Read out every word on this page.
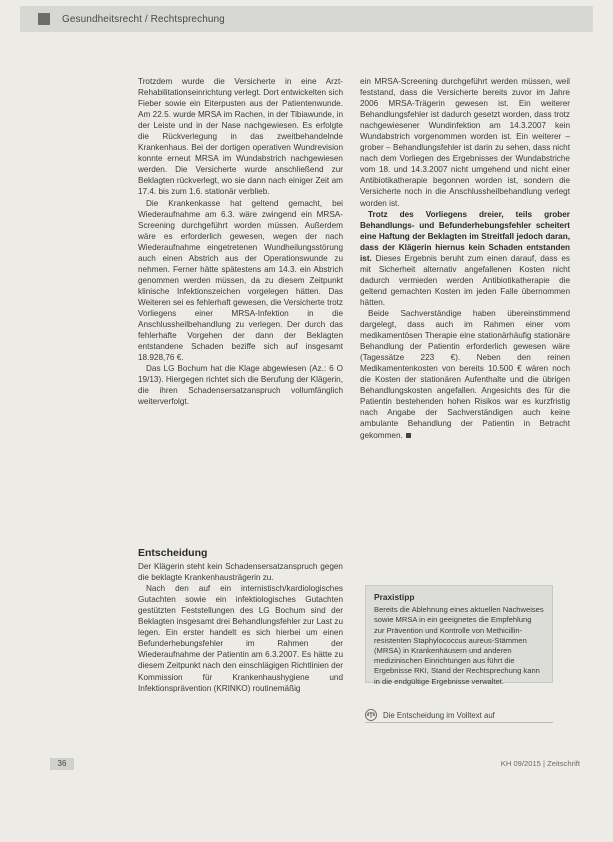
Gesundheitsrecht / Rechtsprechung

Trotzdem wurde die Versicherte in eine Arzt-Rehabilitationseinrichtung verlegt. Dort entwickelten sich Fieber sowie ein Eiterpusten aus der Patientenwunde. Am 22.5. wurde MRSA im Rachen, in der Tibiawunde, in der Leiste und in der Nase nachgewiesen. Es erfolgte die Rückverlegung in das zweitbehandelnde Krankenhaus. Bei der dortigen operativen Wundrevision konnte erneut MRSA im Wundabstrich nachgewiesen werden. Die Versicherte wurde anschließend zur Beklagten rückverlegt, wo sie dann nach einiger Zeit am 17.4. bis zum 1.6. stationär verblieb.

Die Krankenkasse hat geltend gemacht, bei Wiederaufnahme am 6.3. wäre zwingend ein MRSA-Screening durchgeführt worden müssen. Außerdem wäre es erforderlich gewesen, wegen der nach Wiederaufnahme eingetretenen Wundheilungsstörung auch einen Abstrich aus der Operationswunde zu nehmen. Ferner hätte spätestens am 14.3. ein Abstrich genommen werden müssen, da zu diesem Zeitpunkt klinische Infektionszeichen vorgelegen hätten. Das Weiteren sei es fehlerhaft gewesen, die Versicherte trotz Vorliegens einer MRSA-Infektion in die Anschlussheilbehandlung zu verlegen. Der durch das fehlerhafte Vorgehen der dann der Beklagten entstandene Schaden beziffe sich auf insgesamt 18.928,76 €.

Das LG Bochum hat die Klage abgewiesen (Az.: 6 O 19/13). Hiergegen richtet sich die Berufung der Klägerin, die ihren Schadensersatzanspruch vollumfänglich weiterverfolgt.

Entscheidung

Der Klägerin steht kein Schadensersatzanspruch gegen die beklagte Krankenhausträgerin zu.

Nach den auf ein internistisch/kardiologisches Gutachten sowie ein infektiologisches Gutachten gestützten Feststellungen des LG Bochum sind der Beklagten insgesamt drei Behandlungsfehler zur Last zu legen. Ein erster handelt es sich hierbei um einen Befunderhebungsfehler im Rahmen der Wiederaufnahme der Patientin am 6.3.2007. Es hätte zu diesem Zeitpunkt nach den einschlägigen Richtlinien der Kommission für Krankenhaushygiene und Infektionsprävention (KRINKO) routinemäßig

ein MRSA-Screening durchgeführt werden müssen, weil feststand, dass die Versicherte bereits zuvor im Jahre 2006 MRSA-Trägerin gewesen ist. Ein weiterer Behandlungsfehler ist dadurch gesetzt worden, dass trotz nachgewiesener Wundinfektion am 14.3.2007 kein Wundabstrich vorgenommen worden ist. Ein weiterer – grober – Behandlungsfehler ist darin zu sehen, dass nicht nach dem Vorliegen des Ergebnisses der Wundabstriche vom 18. und 14.3.2007 nicht umgehend und nicht einer Antibiotikatherapie begonnen worden ist, sondern die Versicherte noch in die Anschlussheilbehandlung verlegt worden ist.

Trotz des Vorliegens dreier, teils grober Behandlungs- und Befunderhebungsfehler scheitert eine Haftung der Beklagten im Streitfall jedoch daran, dass der Klägerin hiernus kein Schaden entstanden ist. Dieses Ergebnis beruht zum einen darauf, dass es mit Sicherheit alternativ angefallenen Kosten nicht dadurch vermieden werden Antibiotikatherapie die geltend gemachten Kosten im jeden Falle übernommen hätten.

Beide Sachverständige haben übereinstimmend dargelegt, dass auch im Rahmen einer vom medikamentösen Therapie eine stationärhäufig stationäre Behandlung der Patientin erforderlich gewesen wäre (Tagessätze 223 €). Neben den reinen Medikamentenkosten von bereits 10.500 € wären noch die Kosten der stationären Aufenthalte und die übrigen Behandlungskosten angefallen. Angesichts des für die Patientin bestehenden hohen Risikos war es kurzfristig nach Angabe der Sachverständigen auch keine ambulante Behandlung der Patientin in Betracht gekommen.

Praxistipp

Bereits die Ablehnung eines aktuellen Nachweises sowie MRSA in ein geeignetes die Empfehlung zur Prävention und Kontrolle von Methicillin-resistenten Staphylococcus aureus-Stämmen (MRSA) in Krankenhäusern und anderen medizinischen Einrichtungen aus führt die Ergebnisse RKI, Stand der Rechtsprechung kann in die endgültige Ergebnisse verwaltet.

Die Entscheidung im Volltext auf
36	KH 09/2015 | Zeitschrift
